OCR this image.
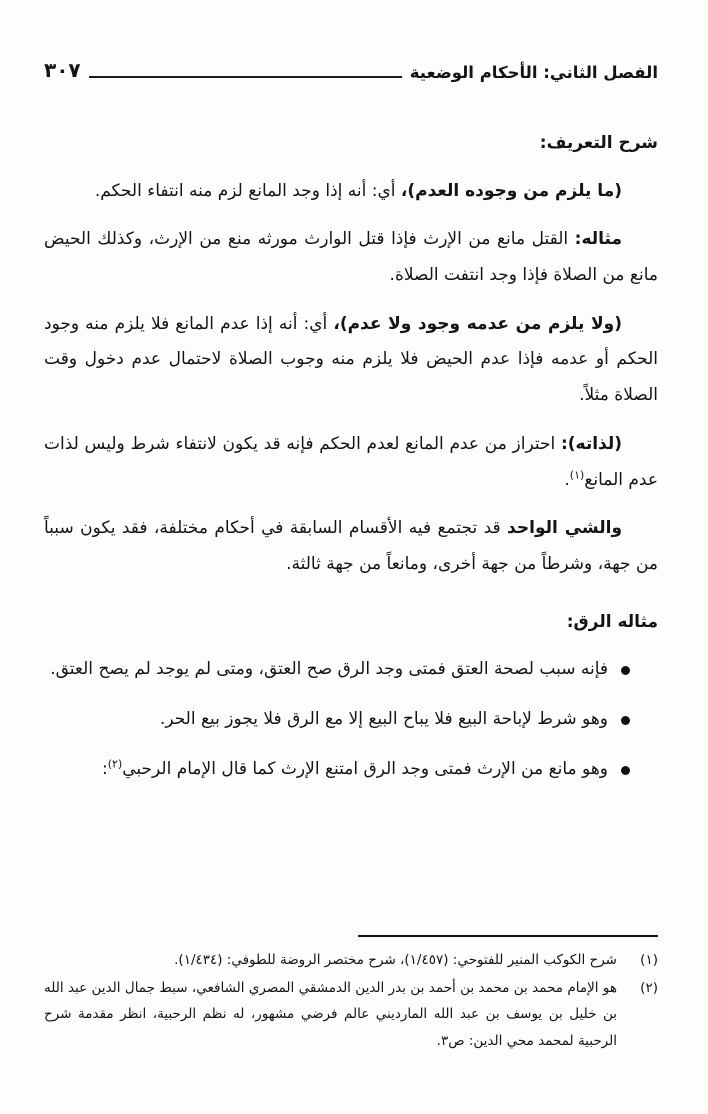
الفصل الثاني: الأحكام الوضعية
٣٠٧
شرح التعريف:

(ما يلزم من وجوده العدم)، أي: أنه إذا وجد المانع لزم منه انتفاء الحكم.

مثاله: القتل مانع من الإرث فإذا قتل الوارث مورثه منع من الإرث، وكذلك الحيض مانع من الصلاة فإذا وجد انتفت الصلاة.

(ولا يلزم من عدمه وجود ولا عدم)، أي: أنه إذا عدم المانع فلا يلزم منه وجود الحكم أو عدمه فإذا عدم الحيض فلا يلزم منه وجوب الصلاة لاحتمال عدم دخول وقت الصلاة مثلاً.

(لذاته): احتراز من عدم المانع لعدم الحكم فإنه قد يكون لانتفاء شرط وليس لذات عدم المانع$^{(١)}$.

والشي الواحد قد تجتمع فيه الأقسام السابقة في أحكام مختلفة، فقد يكون سبباً من جهة، وشرطاً من جهة أخرى، ومانعاً من جهة ثالثة.

مثاله الرق:
فإنه سبب لصحة العتق فمتى وجد الرق صح العتق، ومتى لم يوجد لم يصح العتق.
وهو شرط لإباحة البيع فلا يباح البيع إلا مع الرق فلا يجوز بيع الحر.
وهو مانع من الإرث فمتى وجد الرق امتنع الإرث كما قال الإمام الرحبي$^{(٢)}$:
(١)
شرح الكوكب المنير للفتوحي: (١/٤٥٧)، شرح مختصر الروضة للطوفي: (١/٤٣٤).
(٢)
هو الإمام محمد بن محمد بن أحمد بن بدر الدين الدمشقي المصري الشافعي، سبط جمال الدين عبد الله بن خليل بن يوسف بن عبد الله المارديني عالم فرضي مشهور، له نظم الرحبية، انظر مقدمة شرح الرحبية لمحمد محي الدين: ص٣.
